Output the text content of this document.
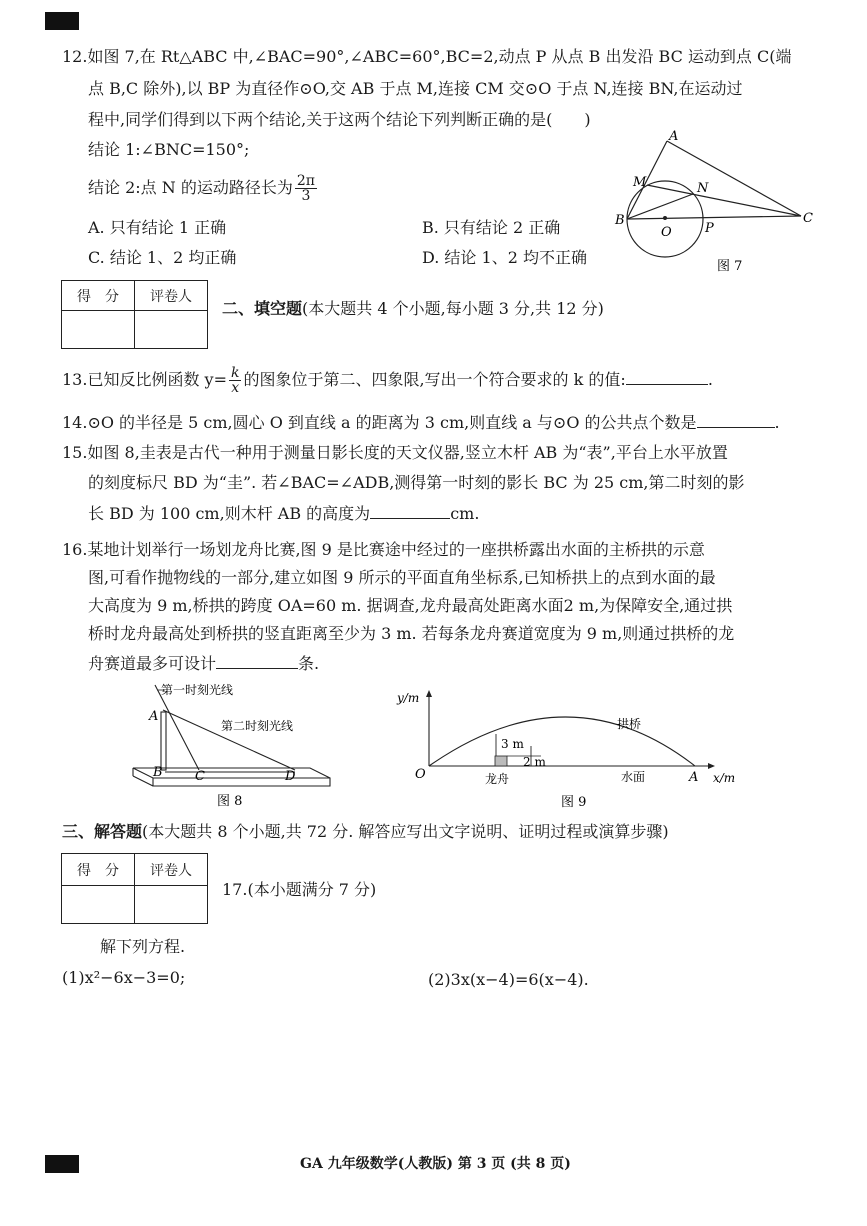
12.如图 7,在 Rt△ABC 中,∠BAC=90°,∠ABC=60°,BC=2,动点 P 从点 B 出发沿 BC 运动到点 C(端
点 B,C 除外),以 BP 为直径作⊙O,交 AB 于点 M,连接 CM 交⊙O 于点 N,连接 BN,在运动过
程中,同学们得到以下两个结论,关于这两个结论下列判断正确的是(　　)
结论 1:∠BNC=150°;
结论 2:点 N 的运动路径长为 $\frac{2\pi}{3}$
A. 只有结论 1 正确	B. 只有结论 2 正确
C. 结论 1、2 均正确	D. 结论 1、2 均不正确
A
M	N
B
O	P
C
图 7
得　分	评卷人

二、填空题(本大题共 4 个小题,每小题 3 分,共 12 分)
13.已知反比例函数 $y= \frac{k}{x}$ 的图象位于第二、四象限,写出一个符合要求的 k 的值:	.
14.⊙O 的半径是 5 cm,圆心 O 到直线 a 的距离为 3 cm,则直线 a 与⊙O 的公共点个数是	.
15.如图 8,圭表是古代一种用于测量日影长度的天文仪器,竖立木杆 AB 为“表”,平台上水平放置
的刻度标尺 BD 为“圭”. 若∠BAC=∠ADB,测得第一时刻的影长 BC 为 25 cm,第二时刻的影
长 BD 为 100 cm,则木杆 AB 的高度为	cm.
16.某地计划举行一场划龙舟比赛,图 9 是比赛途中经过的一座拱桥露出水面的主桥拱的示意
图,可看作抛物线的一部分,建立如图 9 所示的平面直角坐标系,已知桥拱上的点到水面的最
大高度为 9 m,桥拱的跨度 OA=60 m. 据调查,龙舟最高处距离水面2 m,为保障安全,通过拱
桥时龙舟最高处到桥拱的竖直距离至少为 3 m. 若每条龙舟赛道宽度为 9 m,则通过拱桥的龙
舟赛道最多可设计	条.
第一时刻光线
第二时刻光线
A
B C	D
图 8
y/m
x/m
O	A
拱桥
龙舟	水面
3 m
2 m
图 9
三、解答题(本大题共 8 个小题,共 72 分. 解答应写出文字说明、证明过程或演算步骤)
得　分	评卷人

17.(本小题满分 7 分)
解下列方程.
(1)x²−6x−3=0;	(2)3x(x−4)=6(x−4).
GA 九年级数学(人教版) 第 3 页 (共 8 页)
